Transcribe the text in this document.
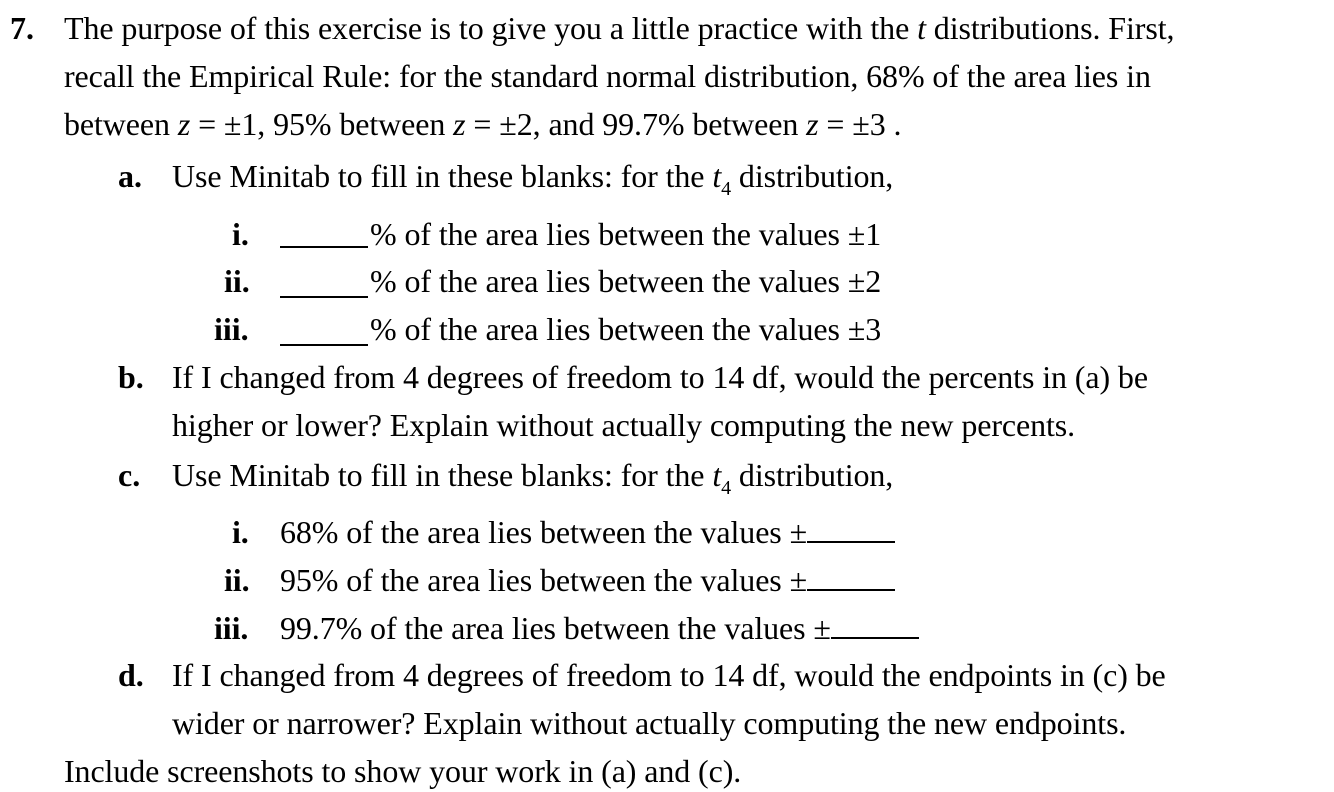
7. The purpose of this exercise is to give you a little practice with the t distributions. First,
recall the Empirical Rule: for the standard normal distribution, 68% of the area lies in
between z = ±1, 95% between z = ±2, and 99.7% between z = ±3 .
a. Use Minitab to fill in these blanks: for the $t_4$ distribution,
i.	% of the area lies between the values ±1
ii.	% of the area lies between the values ±2
iii.	% of the area lies between the values ±3
b. If I changed from 4 degrees of freedom to 14 df, would the percents in (a) be
higher or lower? Explain without actually computing the new percents.
c. Use Minitab to fill in these blanks: for the $t_4$ distribution,
i. 68% of the area lies between the values ±
ii. 95% of the area lies between the values ±
iii. 99.7% of the area lies between the values ±
d. If I changed from 4 degrees of freedom to 14 df, would the endpoints in (c) be
wider or narrower? Explain without actually computing the new endpoints.
Include screenshots to show your work in (a) and (c).
